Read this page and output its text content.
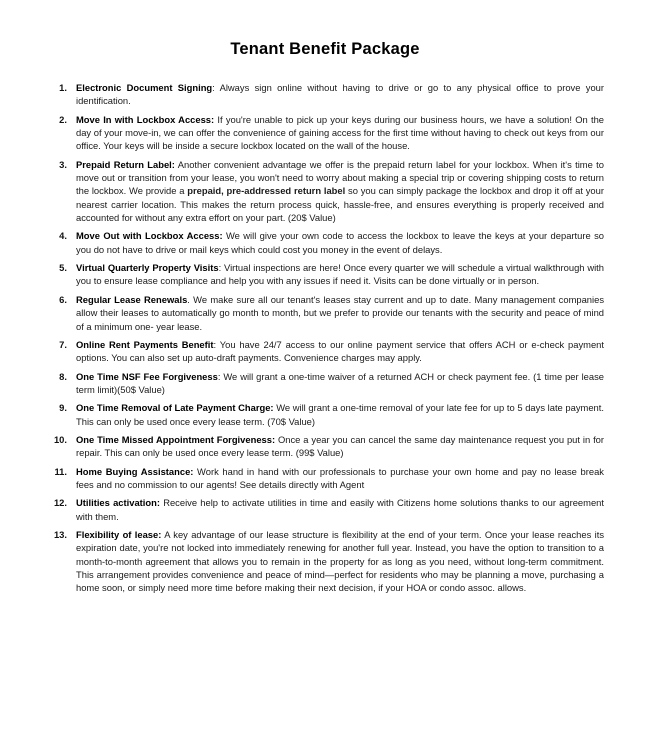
Tenant Benefit Package
1. Electronic Document Signing: Always sign online without having to drive or go to any physical office to prove your identification.
2. Move In with Lockbox Access: If you're unable to pick up your keys during our business hours, we have a solution! On the day of your move-in, we can offer the convenience of gaining access for the first time without having to check out keys from our office. Your keys will be inside a secure lockbox located on the wall of the house.
3. Prepaid Return Label: Another convenient advantage we offer is the prepaid return label for your lockbox. When it's time to move out or transition from your lease, you won't need to worry about making a special trip or covering shipping costs to return the lockbox. We provide a prepaid, pre-addressed return label so you can simply package the lockbox and drop it off at your nearest carrier location. This makes the return process quick, hassle-free, and ensures everything is properly received and accounted for without any extra effort on your part. (20$ Value)
4. Move Out with Lockbox Access: We will give your own code to access the lockbox to leave the keys at your departure so you do not have to drive or mail keys which could cost you money in the event of delays.
5. Virtual Quarterly Property Visits: Virtual inspections are here! Once every quarter we will schedule a virtual walkthrough with you to ensure lease compliance and help you with any issues if need it. Visits can be done virtually or in person.
6. Regular Lease Renewals. We make sure all our tenant's leases stay current and up to date. Many management companies allow their leases to automatically go month to month, but we prefer to provide our tenants with the security and peace of mind of a minimum one- year lease.
7. Online Rent Payments Benefit: You have 24/7 access to our online payment service that offers ACH or e-check payment options. You can also set up auto-draft payments. Convenience charges may apply.
8. One Time NSF Fee Forgiveness: We will grant a one-time waiver of a returned ACH or check payment fee. (1 time per lease term limit)(50$ Value)
9. One Time Removal of Late Payment Charge: We will grant a one-time removal of your late fee for up to 5 days late payment. This can only be used once every lease term. (70$ Value)
10. One Time Missed Appointment Forgiveness: Once a year you can cancel the same day maintenance request you put in for repair. This can only be used once every lease term. (99$ Value)
11. Home Buying Assistance: Work hand in hand with our professionals to purchase your own home and pay no lease break fees and no commission to our agents! See details directly with Agent
12. Utilities activation: Receive help to activate utilities in time and easily with Citizens home solutions thanks to our agreement with them.
13. Flexibility of lease: A key advantage of our lease structure is flexibility at the end of your term. Once your lease reaches its expiration date, you're not locked into immediately renewing for another full year. Instead, you have the option to transition to a month-to-month agreement that allows you to remain in the property for as long as you need, without long-term commitment. This arrangement provides convenience and peace of mind—perfect for residents who may be planning a move, purchasing a home soon, or simply need more time before making their next decision, if your HOA or condo assoc. allows.
